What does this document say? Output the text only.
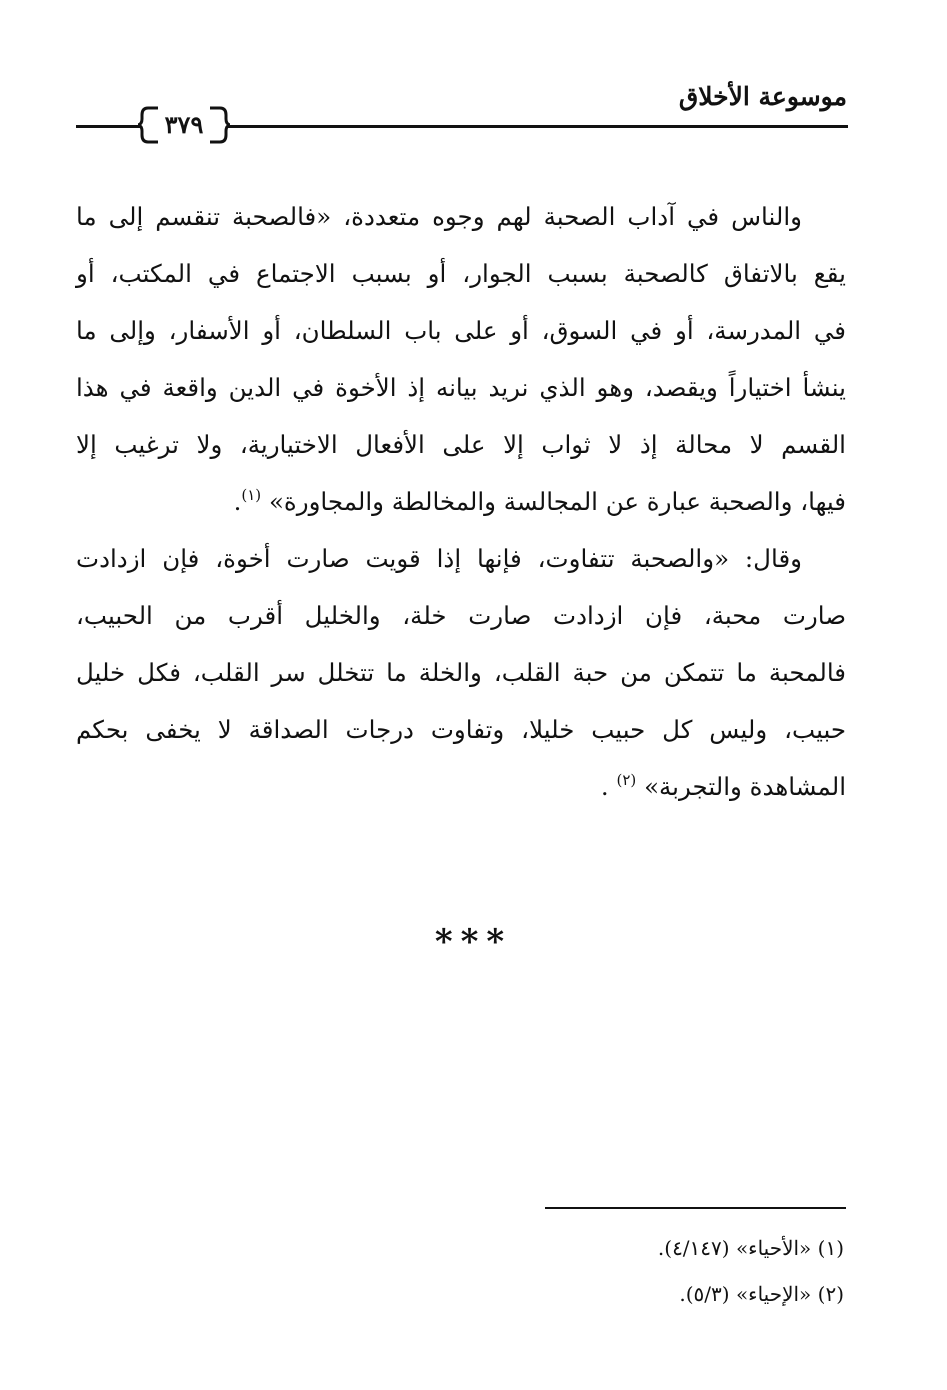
موسوعة الأخلاق
٣٧٩
والناس في آداب الصحبة لهم وجوه متعددة، «فالصحبة تنقسم إلى ما
يقع بالاتفاق كالصحبة بسبب الجوار، أو بسبب الاجتماع في المكتب، أو
في المدرسة، أو في السوق، أو على باب السلطان، أو الأسفار، وإلى ما
ينشأ اختياراً ويقصد، وهو الذي نريد بيانه إذ الأخوة في الدين واقعة في هذا
القسم لا محالة إذ لا ثواب إلا على الأفعال الاختيارية، ولا ترغيب إلا
فيها، والصحبة عبارة عن المجالسة والمخالطة والمجاورة» $^{(١)}$.
وقال: «والصحبة تتفاوت، فإنها إذا قويت صارت أخوة، فإن ازدادت
صارت محبة، فإن ازدادت صارت خلة، والخليل أقرب من الحبيب،
فالمحبة ما تتمكن من حبة القلب، والخلة ما تتخلل سر القلب، فكل خليل
حبيب، وليس كل حبيب خليلا، وتفاوت درجات الصداقة لا يخفى بحكم
المشاهدة والتجربة» $^{(٢)}$ .
***
(١) «الأحياء» (٤/١٤٧).
(٢) «الإحياء» (٥/٣).
